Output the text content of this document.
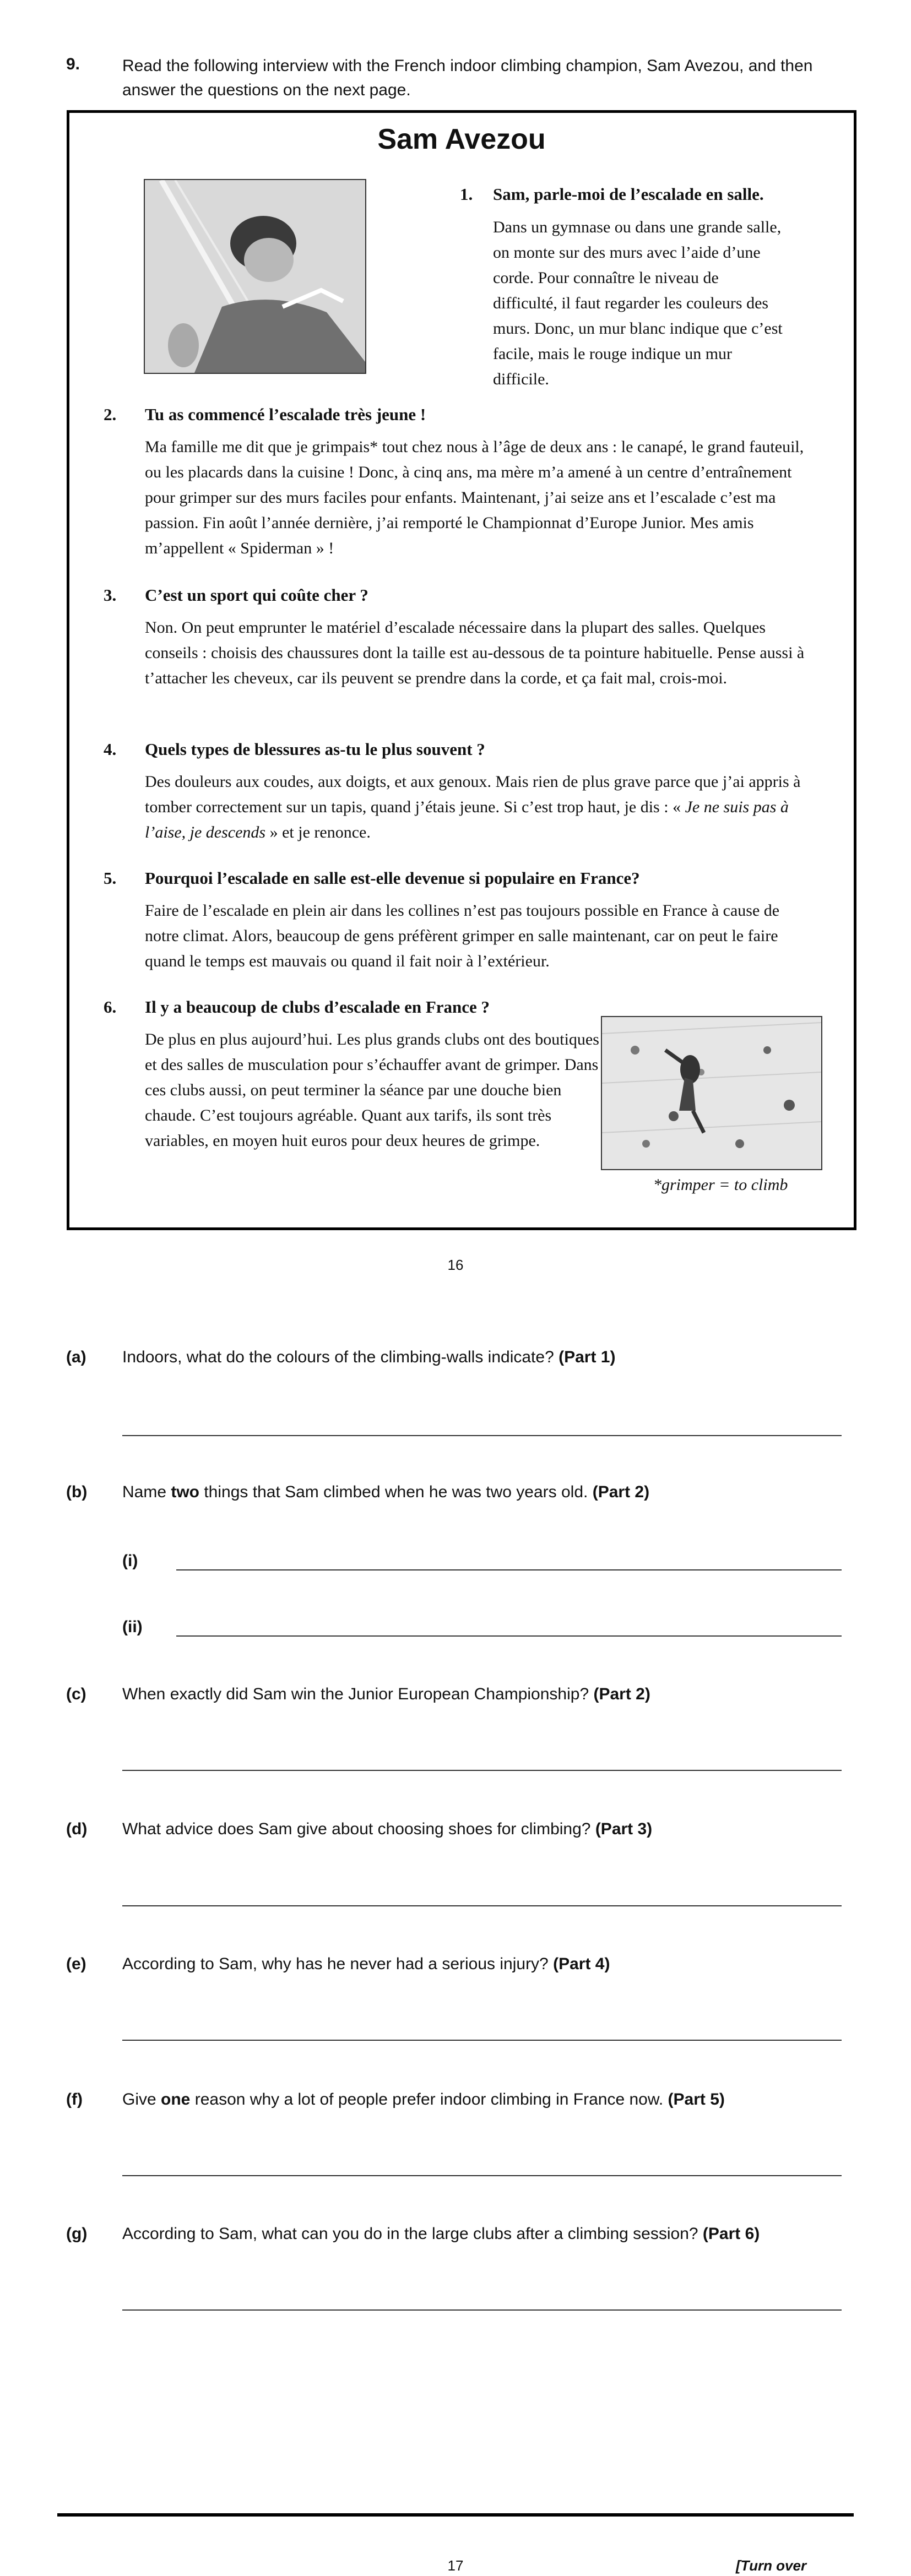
9.	Read the following interview with the French indoor climbing champion, Sam Avezou, and then answer the questions on the next page.
Sam Avezou
1. Sam, parle-moi de l’escalade en salle.
Dans un gymnase ou dans une grande salle, on monte sur des murs avec l’aide d’une corde. Pour connaître le niveau de difficulté, il faut regarder les couleurs des murs. Donc, un mur blanc indique que c’est facile, mais le rouge indique un mur difficile.
2. Tu as commencé l’escalade très jeune !
Ma famille me dit que je grimpais* tout chez nous à l’âge de deux ans : le canapé, le grand fauteuil, ou les placards dans la cuisine ! Donc, à cinq ans, ma mère m’a amené à un centre d’entraînement pour grimper sur des murs faciles pour enfants. Maintenant, j’ai seize ans et l’escalade c’est ma passion. Fin août l’année dernière, j’ai remporté le Championnat d’Europe Junior. Mes amis m’appellent « Spiderman » !
3. C’est un sport qui coûte cher ?
Non. On peut emprunter le matériel d’escalade nécessaire dans la plupart des salles. Quelques conseils : choisis des chaussures dont la taille est au-dessous de ta pointure habituelle. Pense aussi à t’attacher les cheveux, car ils peuvent se prendre dans la corde, et ça fait mal, crois-moi.
4. Quels types de blessures as-tu le plus souvent ?
Des douleurs aux coudes, aux doigts, et aux genoux. Mais rien de plus grave parce que j’ai appris à tomber correctement sur un tapis, quand j’étais jeune. Si c’est trop haut, je dis : « Je ne suis pas à l’aise, je descends » et je renonce.
5. Pourquoi l’escalade en salle est-elle devenue si populaire en France?
Faire de l’escalade en plein air dans les collines n’est pas toujours possible en France à cause de notre climat. Alors, beaucoup de gens préfèrent grimper en salle maintenant, car on peut le faire quand le temps est mauvais ou quand il fait noir à l’extérieur.
6. Il y a beaucoup de clubs d’escalade en France ?
De plus en plus aujourd’hui. Les plus grands clubs ont des boutiques et des salles de musculation pour s’échauffer avant de grimper. Dans ces clubs aussi, on peut terminer la séance par une douche bien chaude. C’est toujours agréable. Quant aux tarifs, ils sont très variables, en moyen huit euros pour deux heures de grimpe.
*grimper = to climb
16
(a) Indoors, what do the colours of the climbing-walls indicate? (Part 1)
(b) Name two things that Sam climbed when he was two years old. (Part 2)
(i)
(ii)
(c) When exactly did Sam win the Junior European Championship? (Part 2)
(d) What advice does Sam give about choosing shoes for climbing? (Part 3)
(e) According to Sam, why has he never had a serious injury? (Part 4)
(f) Give one reason why a lot of people prefer indoor climbing in France now. (Part 5)
(g) According to Sam, what can you do in the large clubs after a climbing session? (Part 6)
17	[Turn over
